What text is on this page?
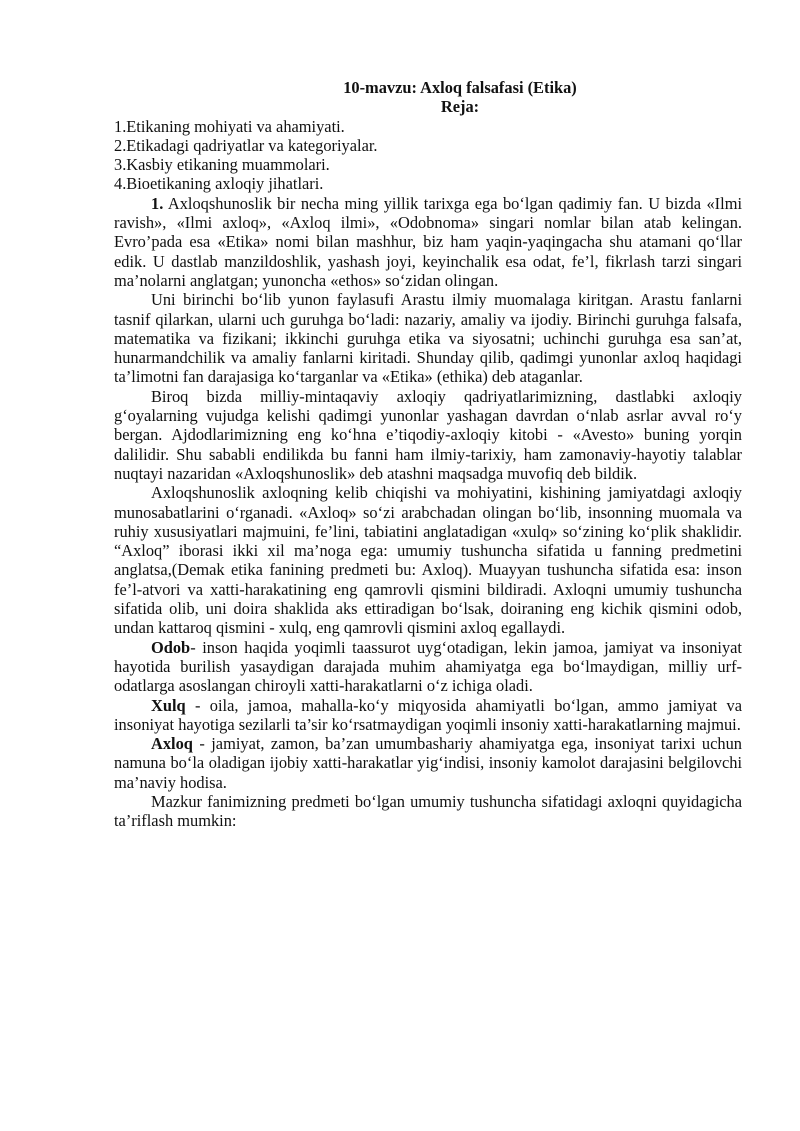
10-mavzu: Axloq falsafasi (Etika)

Reja:

1.Etikaning mohiyati va ahamiyati.

2.Etikadagi qadriyatlar va kategoriyalar.

3.Kasbiy etikaning muammolari.

4.Bioetikaning axloqiy jihatlari.

1. Axloqshunoslik bir necha ming yillik tarixga ega bo‘lgan qadimiy fan. U bizda «Ilmi ravish», «Ilmi axloq», «Axloq ilmi», «Odobnoma» singari nomlar bilan atab kelingan. Evro’pada esa «Etika» nomi bilan mashhur, biz ham yaqin-yaqingacha shu atamani qo‘llar edik. U dastlab manzildoshlik, yashash joyi, keyinchalik esa odat, fe’l, fikrlash tarzi singari ma’nolarni anglatgan; yunoncha «ethos» so‘zidan olingan.

Uni birinchi bo‘lib yunon faylasufi Arastu ilmiy muomalaga kiritgan. Arastu fanlarni tasnif qilarkan, ularni uch guruhga bo‘ladi: nazariy, amaliy va ijodiy. Birinchi guruhga falsafa, matematika va fizikani; ikkinchi guruhga etika va siyosatni; uchinchi guruhga esa san’at, hunarmandchilik va amaliy fanlarni kiritadi. Shunday qilib, qadimgi yunonlar axloq haqidagi ta’limotni fan darajasiga ko‘targanlar va «Etika» (ethika) deb ataganlar.

Biroq bizda milliy-mintaqaviy axloqiy qadriyatlarimizning, dastlabki axloqiy g‘oyalarning vujudga kelishi qadimgi yunonlar yashagan davrdan o‘nlab asrlar avval ro‘y bergan. Ajdodlarimizning eng ko‘hna e’tiqodiy-axloqiy kitobi - «Avesto» buning yorqin dalilidir. Shu sababli endilikda bu fanni ham ilmiy-tarixiy, ham zamonaviy-hayotiy talablar nuqtayi nazaridan «Axloqshunoslik» deb atashni maqsadga muvofiq deb bildik.

Axloqshunoslik axloqning kelib chiqishi va mohiyatini, kishining jamiyatdagi axloqiy munosabatlarini o‘rganadi. «Axloq» so‘zi arabchadan olingan bo‘lib, insonning muomala va ruhiy xususiyatlari majmuini, fe’lini, tabiatini anglatadigan «xulq» so‘zining ko‘plik shaklidir. “Axloq” iborasi ikki xil ma’noga ega: umumiy tushuncha sifatida u fanning predmetini anglatsa,(Demak etika fanining predmeti bu: Axloq). Muayyan tushuncha sifatida esa: inson fe’l-atvori va xatti-harakatining eng qamrovli qismini bildiradi. Axloqni umumiy tushuncha sifatida olib, uni doira shaklida aks ettiradigan bo‘lsak, doiraning eng kichik qismini odob, undan kattaroq qismini - xulq, eng qamrovli qismini axloq egallaydi.

Odob- inson haqida yoqimli taassurot uyg‘otadigan, lekin jamoa, jamiyat va insoniyat hayotida burilish yasaydigan darajada muhim ahamiyatga ega bo‘lmaydigan, milliy urf-odatlarga asoslangan chiroyli xatti-harakatlarni o‘z ichiga oladi.

Xulq - oila, jamoa, mahalla-ko‘y miqyosida ahamiyatli bo‘lgan, ammo jamiyat va insoniyat hayotiga sezilarli ta’sir ko‘rsatmaydigan yoqimli insoniy xatti-harakatlarning majmui.

Axloq - jamiyat, zamon, ba’zan umumbashariy ahamiyatga ega, insoniyat tarixi uchun namuna bo‘la oladigan ijobiy xatti-harakatlar yig‘indisi, insoniy kamolot darajasini belgilovchi ma’naviy hodisa.

Mazkur fanimizning predmeti bo‘lgan umumiy tushuncha sifatidagi axloqni quyidagicha ta’riflash mumkin:
